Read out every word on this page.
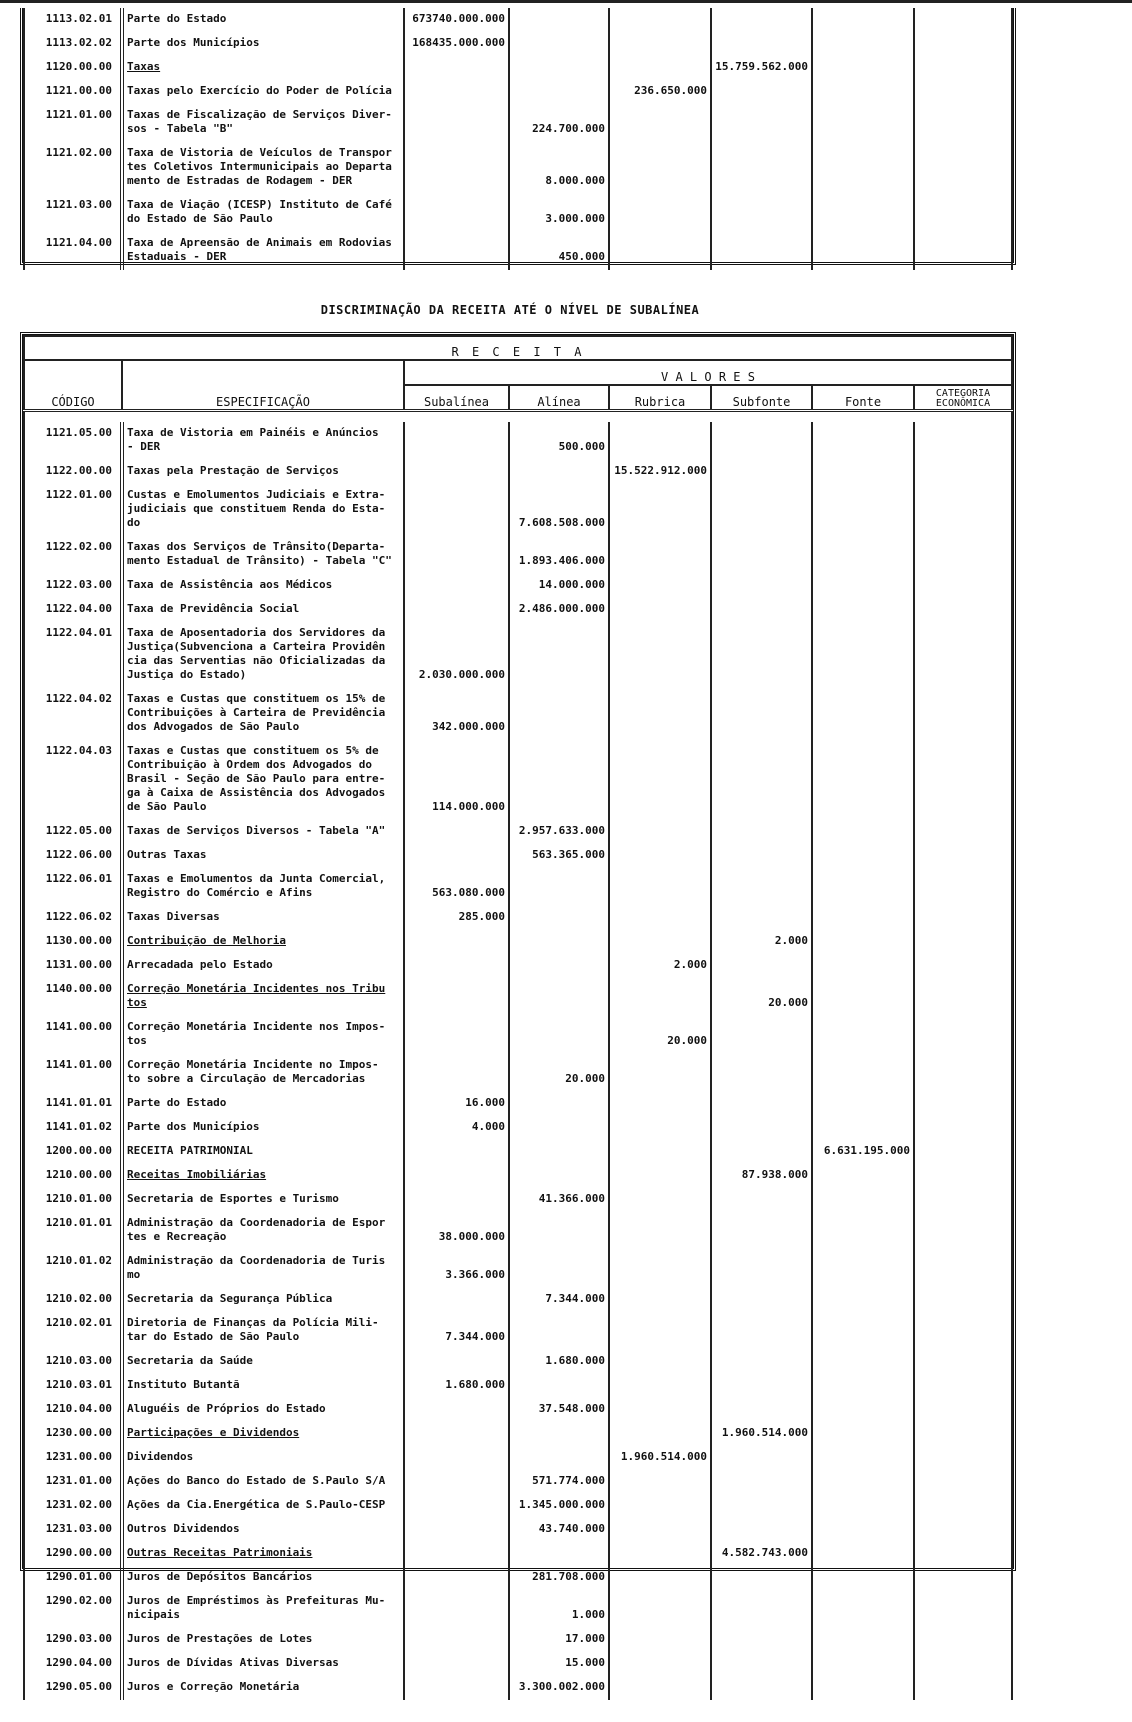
1113.02.01	Parte do Estado	673740.000.000					
1113.02.02	Parte dos Municípios	168435.000.000					
1120.00.00	Taxas				15.759.562.000		
1121.00.00	Taxas pelo Exercício do Poder de Polícia			236.650.000			
1121.01.00	Taxas de Fiscalização de Serviços Diver-
sos - Tabela "B"		224.700.000				
1121.02.00	Taxa de Vistoria de Veículos de Transpor
tes Coletivos Intermunicipais ao Departa
mento de Estradas de Rodagem - DER		8.000.000				
1121.03.00	Taxa de Viação (ICESP) Instituto de Café
do Estado de São Paulo		3.000.000				
1121.04.00	Taxa de Apreensão de Animais em Rodovias
Estaduais - DER		450.000				

DISCRIMINAÇÃO DA RECEITA ATÉ O NÍVEL DE SUBALÍNEA
R E C E I T A							
CÓDIGO	ESPECIFICAÇÃO	V A L O R E S					
		Subalínea	Alínea	Rubrica	Subfonte	Fonte	CATEGORIA ECONÔMICA

1121.05.00	Taxa de Vistoria em Painéis e Anúncios
- DER		500.000				
1122.00.00	Taxas pela Prestação de Serviços			15.522.912.000			
1122.01.00	Custas e Emolumentos Judiciais e Extra-
judiciais que constituem Renda do Esta-
do		7.608.508.000				
1122.02.00	Taxas dos Serviços de Trânsito(Departa-
mento Estadual de Trânsito) - Tabela "C"		1.893.406.000				
1122.03.00	Taxa de Assistência aos Médicos		14.000.000				
1122.04.00	Taxa de Previdência Social		2.486.000.000				
1122.04.01	Taxa de Aposentadoria dos Servidores da
Justiça(Subvenciona a Carteira Providên
cia das Serventias não Oficializadas da
Justiça do Estado)	2.030.000.000					
1122.04.02	Taxas e Custas que constituem os 15% de
Contribuições à Carteira de Previdência
dos Advogados de São Paulo	342.000.000					
1122.04.03	Taxas e Custas que constituem os 5% de
Contribuição à Ordem dos Advogados do
Brasil - Seção de São Paulo para entre-
ga à Caixa de Assistência dos Advogados
de São Paulo	114.000.000					
1122.05.00	Taxas de Serviços Diversos - Tabela "A"		2.957.633.000				
1122.06.00	Outras Taxas		563.365.000				
1122.06.01	Taxas e Emolumentos da Junta Comercial,
Registro do Comércio e Afins	563.080.000					
1122.06.02	Taxas Diversas	285.000					
1130.00.00	Contribuição de Melhoria				2.000		
1131.00.00	Arrecadada pelo Estado			2.000			
1140.00.00	Correção Monetária Incidentes nos Tribu
tos				20.000		
1141.00.00	Correção Monetária Incidente nos Impos-
tos			20.000			
1141.01.00	Correção Monetária Incidente no Impos-
to sobre a Circulação de Mercadorias		20.000				
1141.01.01	Parte do Estado	16.000					
1141.01.02	Parte dos Municípios	4.000					
1200.00.00	RECEITA PATRIMONIAL					6.631.195.000	
1210.00.00	Receitas Imobiliárias				87.938.000		
1210.01.00	Secretaria de Esportes e Turismo		41.366.000				
1210.01.01	Administração da Coordenadoria de Espor
tes e Recreação	38.000.000					
1210.01.02	Administração da Coordenadoria de Turis
mo	3.366.000					
1210.02.00	Secretaria da Segurança Pública		7.344.000				
1210.02.01	Diretoria de Finanças da Polícia Mili-
tar do Estado de São Paulo	7.344.000					
1210.03.00	Secretaria da Saúde		1.680.000				
1210.03.01	Instituto Butantã	1.680.000					
1210.04.00	Aluguéis de Próprios do Estado		37.548.000				
1230.00.00	Participações e Dividendos				1.960.514.000		
1231.00.00	Dividendos			1.960.514.000			
1231.01.00	Ações do Banco do Estado de S.Paulo S/A		571.774.000				
1231.02.00	Ações da Cia.Energética de S.Paulo-CESP		1.345.000.000				
1231.03.00	Outros Dividendos		43.740.000				
1290.00.00	Outras Receitas Patrimoniais				4.582.743.000		
1290.01.00	Juros de Depósitos Bancários		281.708.000				
1290.02.00	Juros de Empréstimos às Prefeituras Mu-
nicipais		1.000				
1290.03.00	Juros de Prestações de Lotes		17.000				
1290.04.00	Juros de Dívidas Ativas Diversas		15.000				
1290.05.00	Juros e Correção Monetária		3.300.002.000				
